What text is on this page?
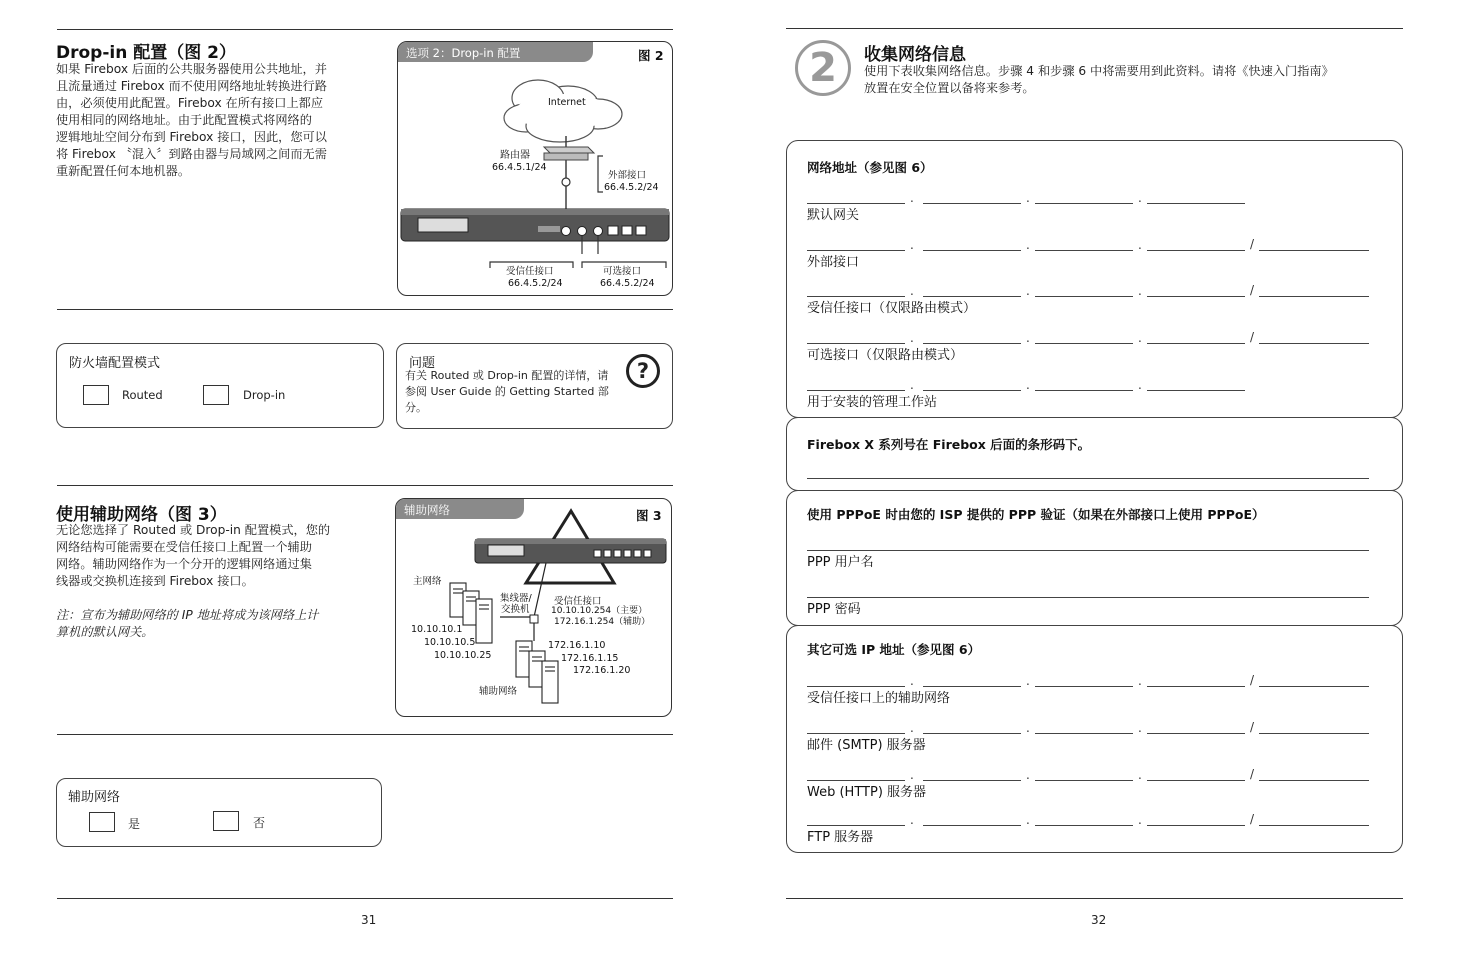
Drop-in 配置（图 2）
如果 Firebox 后面的公共服务器使用公共地址，并
且流量通过 Firebox 而不使用网络地址转换进行路
由，必须使用此配置。Firebox 在所有接口上都应
使用相同的网络地址。由于此配置模式将网络的
逻辑地址空间分布到 Firebox 接口，因此，您可以
将 Firebox 〝混入〞到路由器与局域网之间而无需
重新配置任何本地机器。
选项 2：Drop-in 配置	图 2
Internet
路由器
66.4.5.1/24
外部接口
66.4.5.2/24
受信任接口
66.4.5.2/24
可选接口
66.4.5.2/24
防火墙配置模式
Routed	Drop-in
问题
有关 Routed 或 Drop-in 配置的详情，请
参阅 User Guide 的 Getting Started 部分。
?
使用辅助网络（图 3）
无论您选择了 Routed 或 Drop-in 配置模式，您的
网络结构可能需要在受信任接口上配置一个辅助
网络。辅助网络作为一个分开的逻辑网络通过集
线器或交换机连接到 Firebox 接口。
注：宣布为辅助网络的 IP 地址将成为该网络上计
算机的默认网关。
辅助网络	图 3
主网络
集线器/
交换机
受信任接口
10.10.10.254（主要）
172.16.1.254（辅助）
10.10.10.1
10.10.10.5
10.10.10.25
172.16.1.10
172.16.1.15
172.16.1.20
辅助网络
辅助网络
是	否
31
2	收集网络信息
使用下表收集网络信息。步骤 4 和步骤 6 中将需要用到此资料。请将《快速入门指南》
放置在安全位置以备将来参考。
网络地址（参见图 6）
.	.	.
默认网关
.	.	.	/
外部接口
.	.	.	/
受信任接口（仅限路由模式）
.	.	.	/
可选接口（仅限路由模式）
.	.	.
用于安装的管理工作站
Firebox X 系列号在 Firebox 后面的条形码下。
使用 PPPoE 时由您的 ISP 提供的 PPP 验证（如果在外部接口上使用 PPPoE）
PPP 用户名
PPP 密码
其它可选 IP 地址（参见图 6）
.	.	.	/
受信任接口上的辅助网络
.	.	.	/
邮件 (SMTP) 服务器
.	.	.	/
Web (HTTP) 服务器
.	.	.	/
FTP 服务器
32
